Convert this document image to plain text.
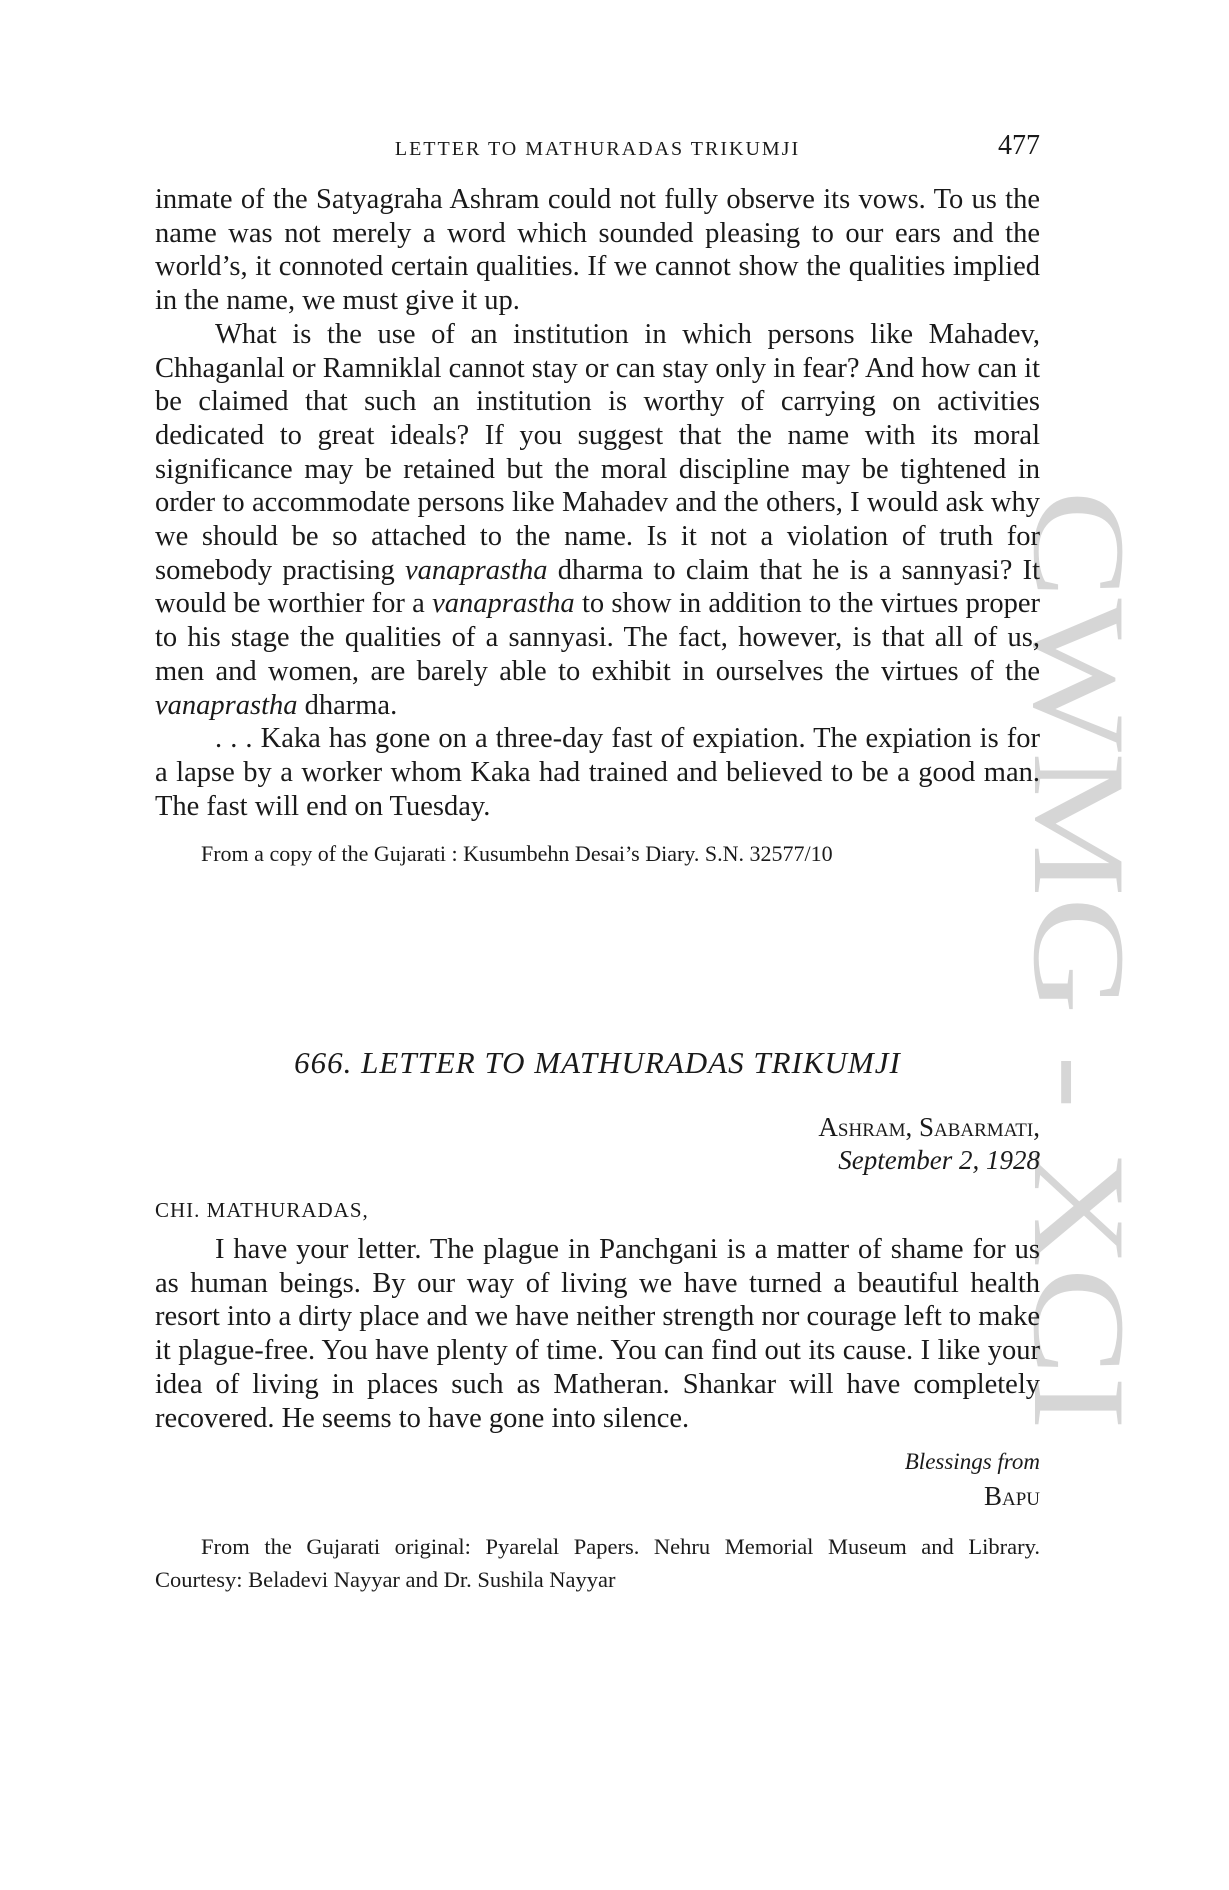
CWMG - XCI
LETTER TO MATHURADAS TRIKUMJI	477

inmate of the Satyagraha Ashram could not fully observe its vows. To us the name was not merely a word which sounded pleasing to our ears and the world’s, it connoted certain qualities. If we cannot show the qualities implied in the name, we must give it up.

What is the use of an institution in which persons like Mahadev, Chhaganlal or Ramniklal cannot stay or can stay only in fear? And how can it be claimed that such an institution is worthy of carrying on activities dedicated to great ideals? If you suggest that the name with its moral significance may be retained but the moral discipline may be tightened in order to accommodate persons like Mahadev and the others, I would ask why we should be so attached to the name. Is it not a violation of truth for somebody practising vanaprastha dharma to claim that he is a sannyasi? It would be worthier for a vanaprastha to show in addition to the virtues proper to his stage the qualities of a sannyasi. The fact, however, is that all of us, men and women, are barely able to exhibit in ourselves the virtues of the vanaprastha dharma.

. . . Kaka has gone on a three-day fast of expiation. The expiation is for a lapse by a worker whom Kaka had trained and believed to be a good man. The fast will end on Tuesday.

From a copy of the Gujarati : Kusumbehn Desai’s Diary. S.N. 32577/10

666. LETTER TO MATHURADAS TRIKUMJI

Ashram, Sabarmati,

September 2, 1928

CHI. MATHURADAS,

I have your letter. The plague in Panchgani is a matter of shame for us as human beings. By our way of living we have turned a beautiful health resort into a dirty place and we have neither strength nor courage left to make it plague-free. You have plenty of time. You can find out its cause. I like your idea of living in places such as Matheran. Shankar will have completely recovered. He seems to have gone into silence.

Blessings from

Bapu

From the Gujarati original: Pyarelal Papers. Nehru Memorial Museum and Library. Courtesy: Beladevi Nayyar and Dr. Sushila Nayyar
